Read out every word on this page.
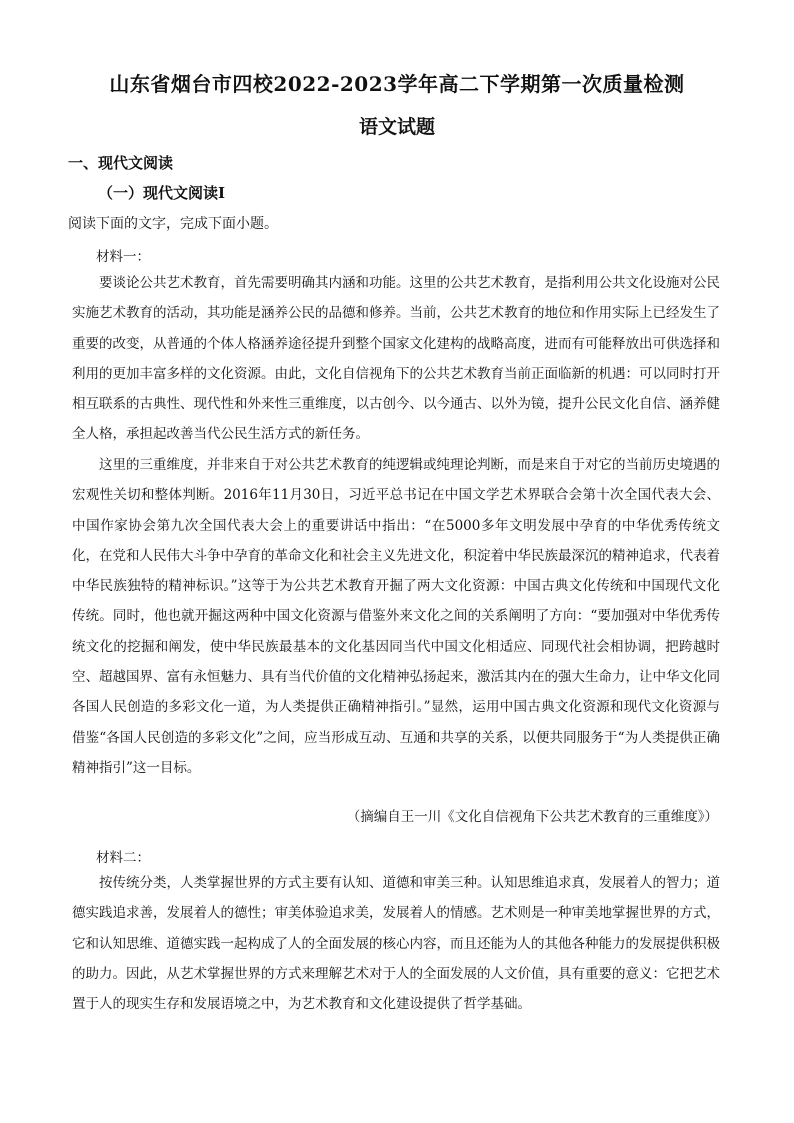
山东省烟台市四校2022-2023学年高二下学期第一次质量检测
语文试题
一、现代文阅读
（一）现代文阅读Ⅰ
阅读下面的文字，完成下面小题。
材料一：

要谈论公共艺术教育，首先需要明确其内涵和功能。这里的公共艺术教育，是指利用公共文化设施对公民实施艺术教育的活动，其功能是涵养公民的品德和修养。当前，公共艺术教育的地位和作用实际上已经发生了重要的改变，从普通的个体人格涵养途径提升到整个国家文化建构的战略高度，进而有可能释放出可供选择和利用的更加丰富多样的文化资源。由此，文化自信视角下的公共艺术教育当前正面临新的机遇：可以同时打开相互联系的古典性、现代性和外来性三重维度，以古创今、以今通古、以外为镜，提升公民文化自信、涵养健全人格，承担起改善当代公民生活方式的新任务。

这里的三重维度，并非来自于对公共艺术教育的纯逻辑或纯理论判断，而是来自于对它的当前历史境遇的宏观性关切和整体判断。2016年11月30日，习近平总书记在中国文学艺术界联合会第十次全国代表大会、中国作家协会第九次全国代表大会上的重要讲话中指出：“在5000多年文明发展中孕育的中华优秀传统文化，在党和人民伟大斗争中孕育的革命文化和社会主义先进文化，积淀着中华民族最深沉的精神追求，代表着中华民族独特的精神标识。”这等于为公共艺术教育开掘了两大文化资源：中国古典文化传统和中国现代文化传统。同时，他也就开掘这两种中国文化资源与借鉴外来文化之间的关系阐明了方向：“要加强对中华优秀传统文化的挖掘和阐发，使中华民族最基本的文化基因同当代中国文化相适应、同现代社会相协调，把跨越时空、超越国界、富有永恒魅力、具有当代价值的文化精神弘扬起来，激活其内在的强大生命力，让中华文化同各国人民创造的多彩文化一道，为人类提供正确精神指引。”显然，运用中国古典文化资源和现代文化资源与借鉴“各国人民创造的多彩文化”之间，应当形成互动、互通和共享的关系，以便共同服务于“为人类提供正确精神指引”这一目标。

（摘编自王一川《文化自信视角下公共艺术教育的三重维度》）
材料二：

按传统分类，人类掌握世界的方式主要有认知、道德和审美三种。认知思维追求真，发展着人的智力；道德实践追求善，发展着人的德性；审美体验追求美，发展着人的情感。艺术则是一种审美地掌握世界的方式，它和认知思维、道德实践一起构成了人的全面发展的核心内容，而且还能为人的其他各种能力的发展提供积极的助力。因此，从艺术掌握世界的方式来理解艺术对于人的全面发展的人文价值，具有重要的意义：它把艺术置于人的现实生存和发展语境之中，为艺术教育和文化建设提供了哲学基础。
